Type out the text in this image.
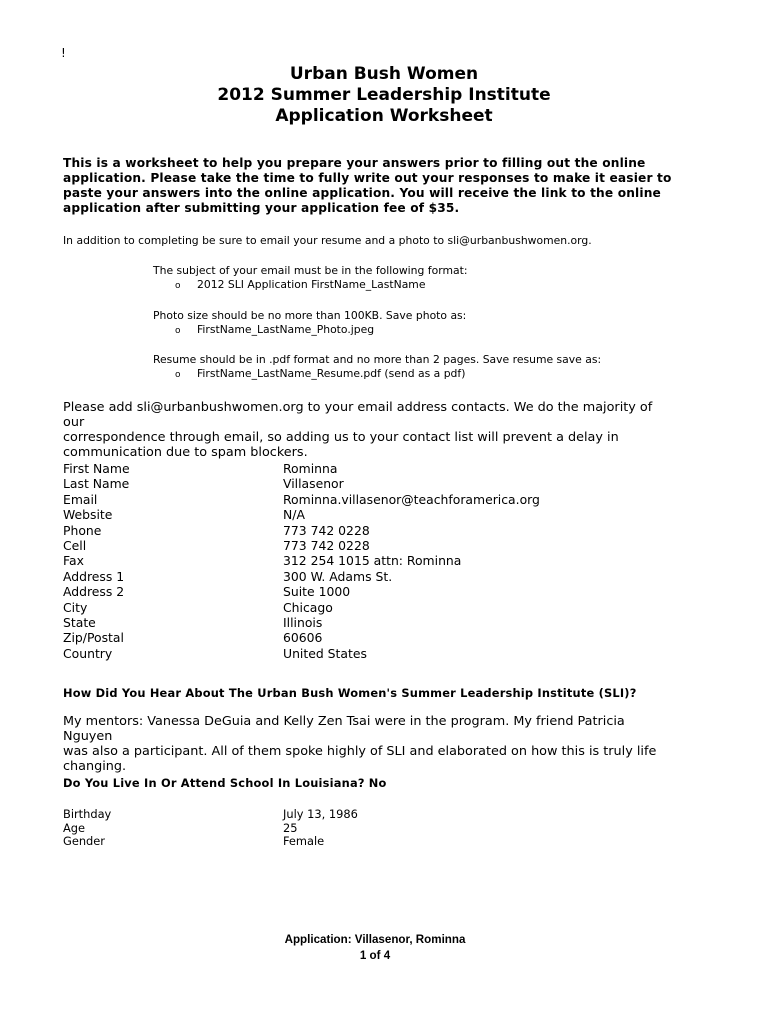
!
Urban Bush Women
2012 Summer Leadership Institute
Application Worksheet
This is a worksheet to help you prepare your answers prior to filling out the online
application. Please take the time to fully write out your responses to make it easier to
paste your answers into the online application. You will receive the link to the online
application after submitting your application fee of $35.
In addition to completing be sure to email your resume and a photo to sli@urbanbushwomen.org.
The subject of your email must be in the following format:
o 2012 SLI Application FirstName_LastName
Photo size should be no more than 100KB. Save photo as:
o FirstName_LastName_Photo.jpeg
Resume should be in .pdf format and no more than 2 pages. Save resume save as:
o FirstName_LastName_Resume.pdf (send as a pdf)
Please add sli@urbanbushwomen.org to your email address contacts. We do the majority of our
correspondence through email, so adding us to your contact list will prevent a delay in
communication due to spam blockers.
First Name	Rominna
Last Name	Villasenor
Email	Rominna.villasenor@teachforamerica.org
Website	N/A
Phone	773 742 0228
Cell	773 742 0228
Fax	312 254 1015 attn: Rominna
Address 1	300 W. Adams St.
Address 2	Suite 1000
City	Chicago
State	Illinois
Zip/Postal	60606
Country	United States
How Did You Hear About The Urban Bush Women's Summer Leadership Institute (SLI)?
My mentors: Vanessa DeGuia and Kelly Zen Tsai were in the program. My friend Patricia Nguyen
was also a participant. All of them spoke highly of SLI and elaborated on how this is truly life
changing.
Do You Live In Or Attend School In Louisiana? No
Birthday	July 13, 1986
Age	25
Gender	Female
Application: Villasenor, Rominna
1 of 4
